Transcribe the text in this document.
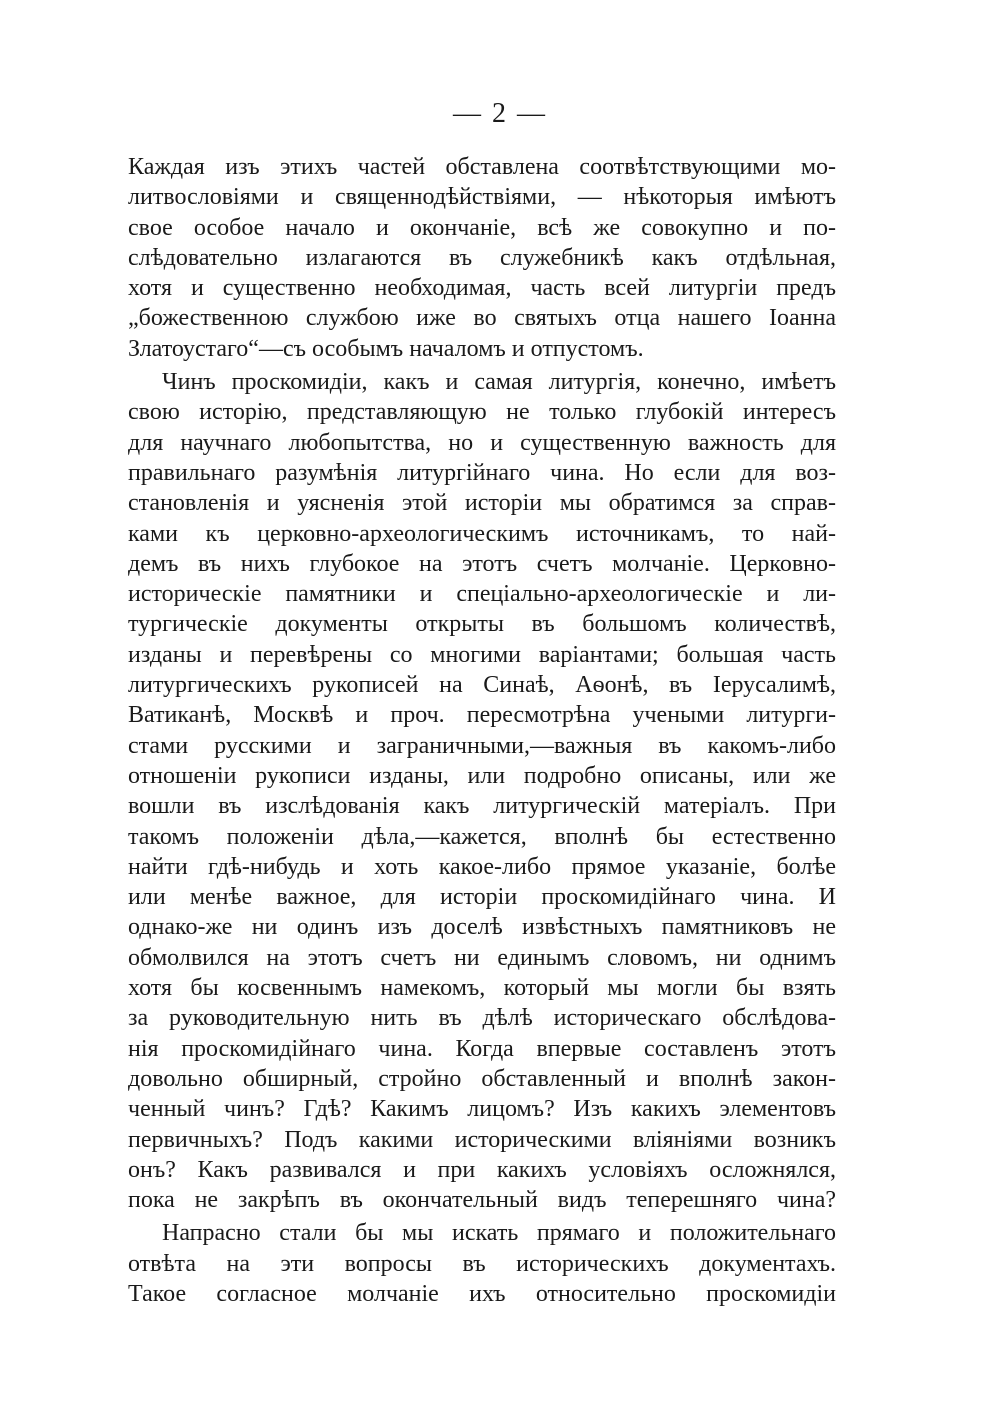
— 2 —
Каждая изъ этихъ частей обставлена соотвѣтствующими мо-
литвословіями и священнодѣйствіями, — нѣкоторыя имѣютъ
свое особое начало и окончаніе, всѣ же совокупно и по-
слѣдовательно излагаются въ служебникѣ какъ отдѣльная,
хотя и существенно необходимая, часть всей литургіи предъ
„божественною службою иже во святыхъ отца нашего Іоанна
Златоустаго“—съ особымъ началомъ и отпустомъ.
Чинъ проскомидіи, какъ и самая литургія, конечно, имѣетъ
свою исторію, представляющую не только глубокій интересъ
для научнаго любопытства, но и существенную важность для
правильнаго разумѣнія литургійнаго чина. Но если для воз-
становленія и уясненія этой исторіи мы обратимся за справ-
ками къ церковно-археологическимъ источникамъ, то най-
демъ въ нихъ глубокое на этотъ счетъ молчаніе. Церковно-
историческіе памятники и спеціально-археологическіе и ли-
тургическіе документы открыты въ большомъ количествѣ,
изданы и перевѣрены со многими варіантами; большая часть
литургическихъ рукописей на Синаѣ, Аѳонѣ, въ Іерусалимѣ,
Ватиканѣ, Москвѣ и проч. пересмотрѣна учеными литурги-
стами русскими и заграничными,—важныя въ какомъ-либо
отношеніи рукописи изданы, или подробно описаны, или же
вошли въ изслѣдованія какъ литургическій матеріалъ. При
такомъ положеніи дѣла,—кажется, вполнѣ бы естественно
найти гдѣ-нибудь и хоть какое-либо прямое указаніе, болѣе
или менѣе важное, для исторіи проскомидійнаго чина. И
однако-же ни одинъ изъ доселѣ извѣстныхъ памятниковъ не
обмолвился на этотъ счетъ ни единымъ словомъ, ни однимъ
хотя бы косвеннымъ намекомъ, который мы могли бы взять
за руководительную нить въ дѣлѣ историческаго обслѣдова-
нія проскомидійнаго чина. Когда впервые составленъ этотъ
довольно обширный, стройно обставленный и вполнѣ закон-
ченный чинъ? Гдѣ? Какимъ лицомъ? Изъ какихъ элементовъ
первичныхъ? Подъ какими историческими вліяніями возникъ
онъ? Какъ развивался и при какихъ условіяхъ осложнялся,
пока не закрѣпъ въ окончательный видъ теперешняго чина?
Напрасно стали бы мы искать прямаго и положительнаго
отвѣта на эти вопросы въ историческихъ документахъ.
Такое согласное молчаніе ихъ относительно проскомидіи
